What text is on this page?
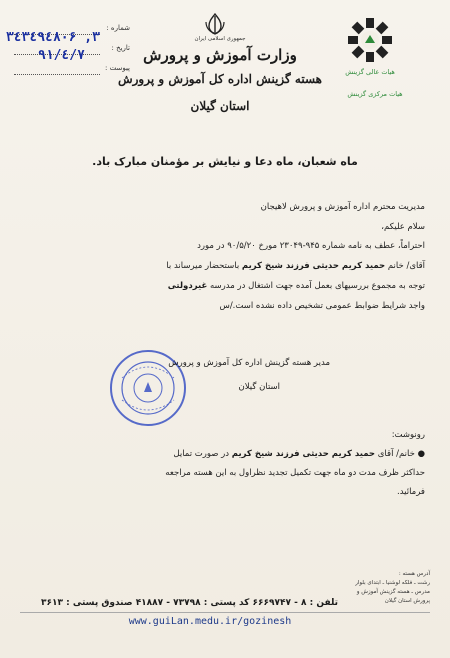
شماره :
تاریخ :
پیوست :
٣٤٣٤٩٤٨٠۶ ,٣
٩١/٤/٧
جمهوری اسلامی ایران
وزارت آموزش و پرورش
هسته گزینش اداره کل آموزش و پرورش
استان گیلان
هیات عالی گزینش
هیات مرکزی گزینش
ماه شعبان، ماه دعا و نیایش بر مؤمنان مبارک باد.
مدیریت محترم اداره آموزش و پرورش لاهیجان
سلام علیکم،
احتراماً، عطف به نامه شماره ۹۴۵-۲۳۰۴۹ مورخ ۹۰/۵/۲۰ در مورد
آقای/ خانم حمید کریم حدیثی فرزند شیخ کریم باستحضار میرساند با
توجه به مجموع بررسیهای بعمل آمده جهت اشتغال در مدرسه غیردولتی
واجد شرایط ضوابط عمومی تشخیص داده نشده است./س
مدیر هسته گزینش اداره کل آموزش و پرورش
استان گیلان
رونوشت:
● خانم/ آقای حمید کریم حدیثی فرزند شیخ کریم در صورت تمایل
حداکثر ظرف مدت دو ماه جهت تکمیل تجدید نظراول به این هسته مراجعه
فرمائید.
آدرس هسته :
رشت ـ فلکه لوشنیا ـ ابتدای بلوار
مدرس ـ هسته گزینش آموزش و
پرورش استان گیلان
تلفن : ۸ - ۶۶۶۹۷۴۷ کد پستی : ۷۳۷۹۸ - ۴۱۸۸۷ صندوق پستی : ۳۶۱۳
www.guiLan.medu.ir/gozinesh
